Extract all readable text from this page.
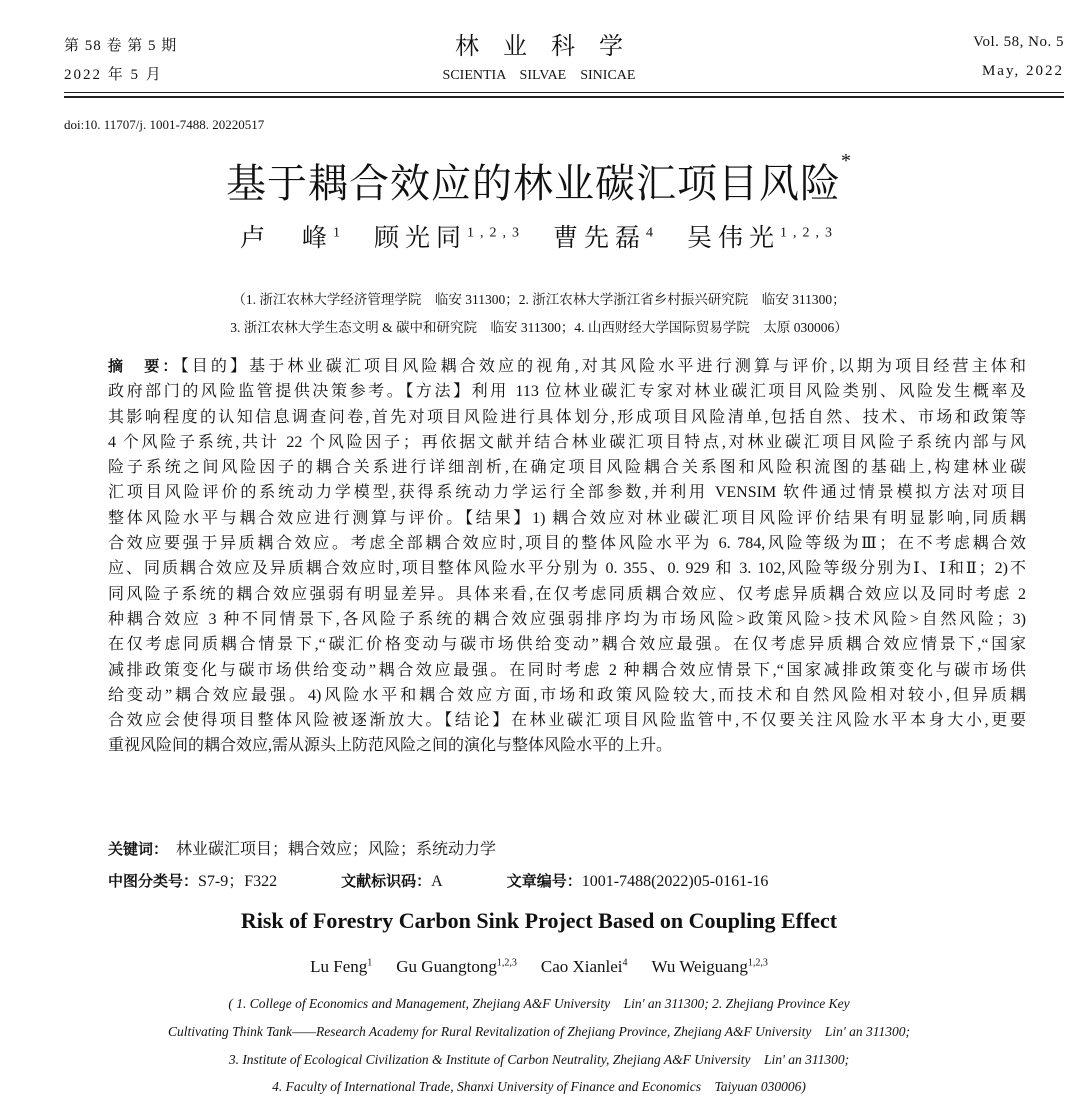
第 58 卷 第 5 期
2022 年 5 月
林　业　科　学
SCIENTIA　SILVAE　SINICAE
Vol. 58, No. 5
May, 2022
doi:10. 11707/j. 1001-7488. 20220517
基于耦合效应的林业碳汇项目风险*
卢　峰$^1$ 顾光同$^{1,2,3}$ 曹先磊$^4$ 吴伟光$^{1,2,3}$
（1. 浙江农林大学经济管理学院　临安 311300；2. 浙江农林大学浙江省乡村振兴研究院　临安 311300；
3. 浙江农林大学生态文明 & 碳中和研究院　临安 311300；4. 山西财经大学国际贸易学院　太原 030006）
摘　要：【目的】基于林业碳汇项目风险耦合效应的视角,对其风险水平进行测算与评价,以期为项目经营主体和
政府部门的风险监管提供决策参考。【方法】利用 113 位林业碳汇专家对林业碳汇项目风险类别、风险发生概率及
其影响程度的认知信息调查问卷,首先对项目风险进行具体划分,形成项目风险清单,包括自然、技术、市场和政策等
4 个风险子系统,共计 22 个风险因子；再依据文献并结合林业碳汇项目特点,对林业碳汇项目风险子系统内部与风
险子系统之间风险因子的耦合关系进行详细剖析,在确定项目风险耦合关系图和风险积流图的基础上,构建林业碳
汇项目风险评价的系统动力学模型,获得系统动力学运行全部参数,并利用 VENSIM 软件通过情景模拟方法对项目
整体风险水平与耦合效应进行测算与评价。【结果】1) 耦合效应对林业碳汇项目风险评价结果有明显影响,同质耦
合效应要强于异质耦合效应。考虑全部耦合效应时,项目的整体风险水平为 6. 784,风险等级为Ⅲ；在不考虑耦合效
应、同质耦合效应及异质耦合效应时,项目整体风险水平分别为 0. 355、0. 929 和 3. 102,风险等级分别为Ⅰ、Ⅰ和Ⅱ；2)不
同风险子系统的耦合效应强弱有明显差异。具体来看,在仅考虑同质耦合效应、仅考虑异质耦合效应以及同时考虑 2
种耦合效应 3 种不同情景下,各风险子系统的耦合效应强弱排序均为市场风险>政策风险>技术风险>自然风险；3)
在仅考虑同质耦合情景下,“碳汇价格变动与碳市场供给变动”耦合效应最强。在仅考虑异质耦合效应情景下,“国家
减排政策变化与碳市场供给变动”耦合效应最强。在同时考虑 2 种耦合效应情景下,“国家减排政策变化与碳市场供
给变动”耦合效应最强。4)风险水平和耦合效应方面,市场和政策风险较大,而技术和自然风险相对较小,但异质耦
合效应会使得项目整体风险被逐渐放大。【结论】在林业碳汇项目风险监管中,不仅要关注风险水平本身大小,更要
重视风险间的耦合效应,需从源头上防范风险之间的演化与整体风险水平的上升。
关键词： 林业碳汇项目；耦合效应；风险；系统动力学
中图分类号：S7-9；F322	文献标识码：A	文章编号：1001-7488(2022)05-0161-16
Risk of Forestry Carbon Sink Project Based on Coupling Effect
Lu Feng$^1$ Gu Guangtong$^{1,2,3}$ Cao Xianlei$^4$ Wu Weiguang$^{1,2,3}$
( 1. College of Economics and Management, Zhejiang A&F University　Lin' an 311300; 2. Zhejiang Province Key
Cultivating Think Tank——Research Academy for Rural Revitalization of Zhejiang Province, Zhejiang A&F University　Lin' an 311300;
3. Institute of Ecological Civilization & Institute of Carbon Neutrality, Zhejiang A&F University　Lin' an 311300;
4. Faculty of International Trade, Shanxi University of Finance and Economics　Taiyuan 030006)
